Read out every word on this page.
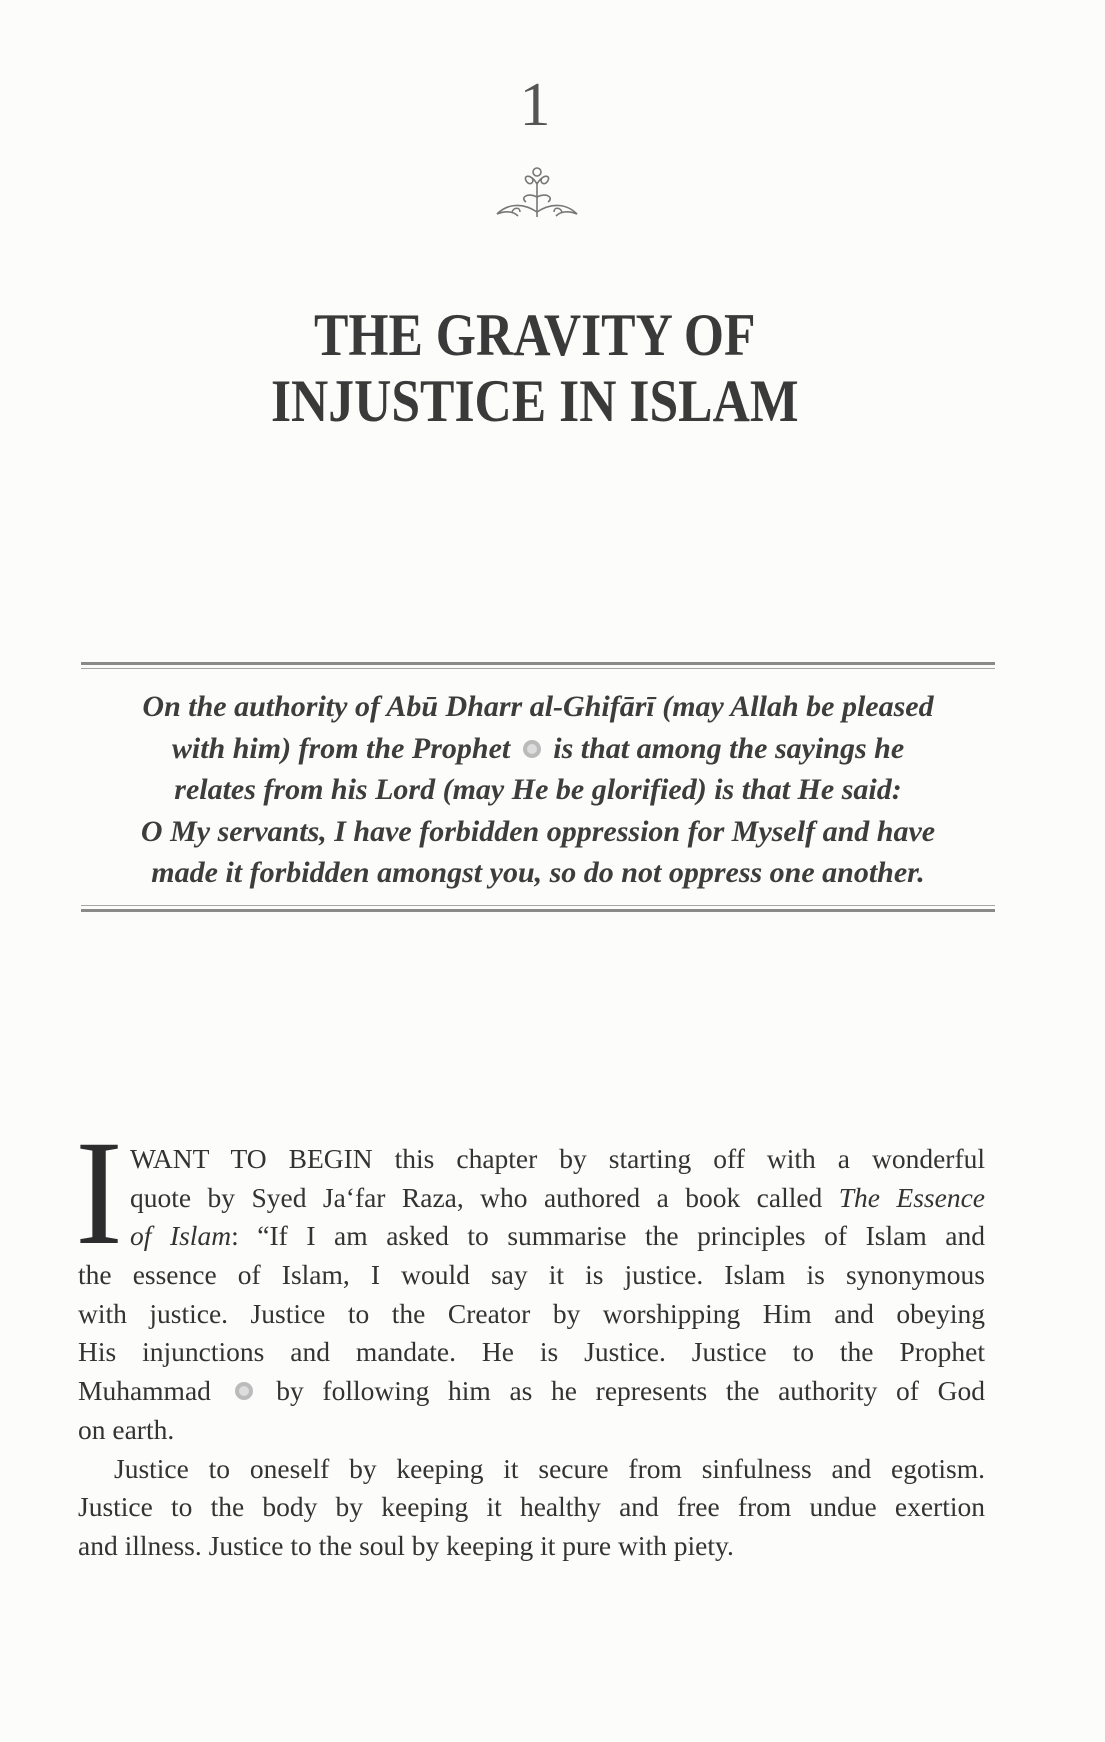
1
THE GRAVITY OF
INJUSTICE IN ISLAM
On the authority of Abū Dharr al-Ghifārī (may Allah be pleased
with him) from the Prophet is that among the sayings he
relates from his Lord (may He be glorified) is that He said:
O My servants, I have forbidden oppression for Myself and have
made it forbidden amongst you, so do not oppress one another.
I WANT TO BEGIN this chapter by starting off with a wonderful
quote by Syed Ja‘far Raza, who authored a book called The Essence
of Islam: “If I am asked to summarise the principles of Islam and
the essence of Islam, I would say it is justice. Islam is synonymous
with justice. Justice to the Creator by worshipping Him and obeying
His injunctions and mandate. He is Justice. Justice to the Prophet
Muhammad by following him as he represents the authority of God
on earth.
Justice to oneself by keeping it secure from sinfulness and egotism.
Justice to the body by keeping it healthy and free from undue exertion
and illness. Justice to the soul by keeping it pure with piety.
